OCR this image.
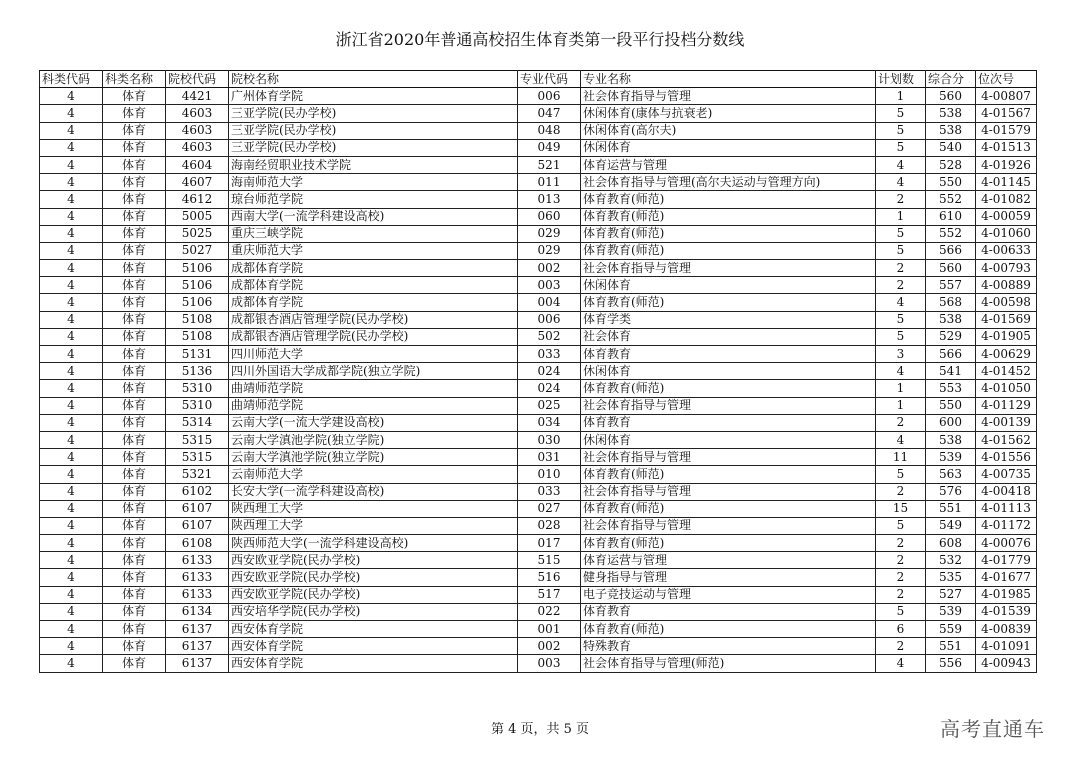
浙江省2020年普通高校招生体育类第一段平行投档分数线
科类代码	科类名称	院校代码	院校名称	专业代码	专业名称	计划数	综合分	位次号
4	体育	4421	广州体育学院	006	社会体育指导与管理	1	560	4-00807
4	体育	4603	三亚学院(民办学校)	047	休闲体育(康体与抗衰老)	5	538	4-01567
4	体育	4603	三亚学院(民办学校)	048	休闲体育(高尔夫)	5	538	4-01579
4	体育	4603	三亚学院(民办学校)	049	休闲体育	5	540	4-01513
4	体育	4604	海南经贸职业技术学院	521	体育运营与管理	4	528	4-01926
4	体育	4607	海南师范大学	011	社会体育指导与管理(高尔夫运动与管理方向)	4	550	4-01145
4	体育	4612	琼台师范学院	013	体育教育(师范)	2	552	4-01082
4	体育	5005	西南大学(一流学科建设高校)	060	体育教育(师范)	1	610	4-00059
4	体育	5025	重庆三峡学院	029	体育教育(师范)	5	552	4-01060
4	体育	5027	重庆师范大学	029	体育教育(师范)	5	566	4-00633
4	体育	5106	成都体育学院	002	社会体育指导与管理	2	560	4-00793
4	体育	5106	成都体育学院	003	休闲体育	2	557	4-00889
4	体育	5106	成都体育学院	004	体育教育(师范)	4	568	4-00598
4	体育	5108	成都银杏酒店管理学院(民办学校)	006	体育学类	5	538	4-01569
4	体育	5108	成都银杏酒店管理学院(民办学校)	502	社会体育	5	529	4-01905
4	体育	5131	四川师范大学	033	体育教育	3	566	4-00629
4	体育	5136	四川外国语大学成都学院(独立学院)	024	休闲体育	4	541	4-01452
4	体育	5310	曲靖师范学院	024	体育教育(师范)	1	553	4-01050
4	体育	5310	曲靖师范学院	025	社会体育指导与管理	1	550	4-01129
4	体育	5314	云南大学(一流大学建设高校)	034	体育教育	2	600	4-00139
4	体育	5315	云南大学滇池学院(独立学院)	030	休闲体育	4	538	4-01562
4	体育	5315	云南大学滇池学院(独立学院)	031	社会体育指导与管理	11	539	4-01556
4	体育	5321	云南师范大学	010	体育教育(师范)	5	563	4-00735
4	体育	6102	长安大学(一流学科建设高校)	033	社会体育指导与管理	2	576	4-00418
4	体育	6107	陕西理工大学	027	体育教育(师范)	15	551	4-01113
4	体育	6107	陕西理工大学	028	社会体育指导与管理	5	549	4-01172
4	体育	6108	陕西师范大学(一流学科建设高校)	017	体育教育(师范)	2	608	4-00076
4	体育	6133	西安欧亚学院(民办学校)	515	体育运营与管理	2	532	4-01779
4	体育	6133	西安欧亚学院(民办学校)	516	健身指导与管理	2	535	4-01677
4	体育	6133	西安欧亚学院(民办学校)	517	电子竞技运动与管理	2	527	4-01985
4	体育	6134	西安培华学院(民办学校)	022	体育教育	5	539	4-01539
4	体育	6137	西安体育学院	001	体育教育(师范)	6	559	4-00839
4	体育	6137	西安体育学院	002	特殊教育	2	551	4-01091
4	体育	6137	西安体育学院	003	社会体育指导与管理(师范)	4	556	4-00943
第 4 页，共 5 页	高考直通车
